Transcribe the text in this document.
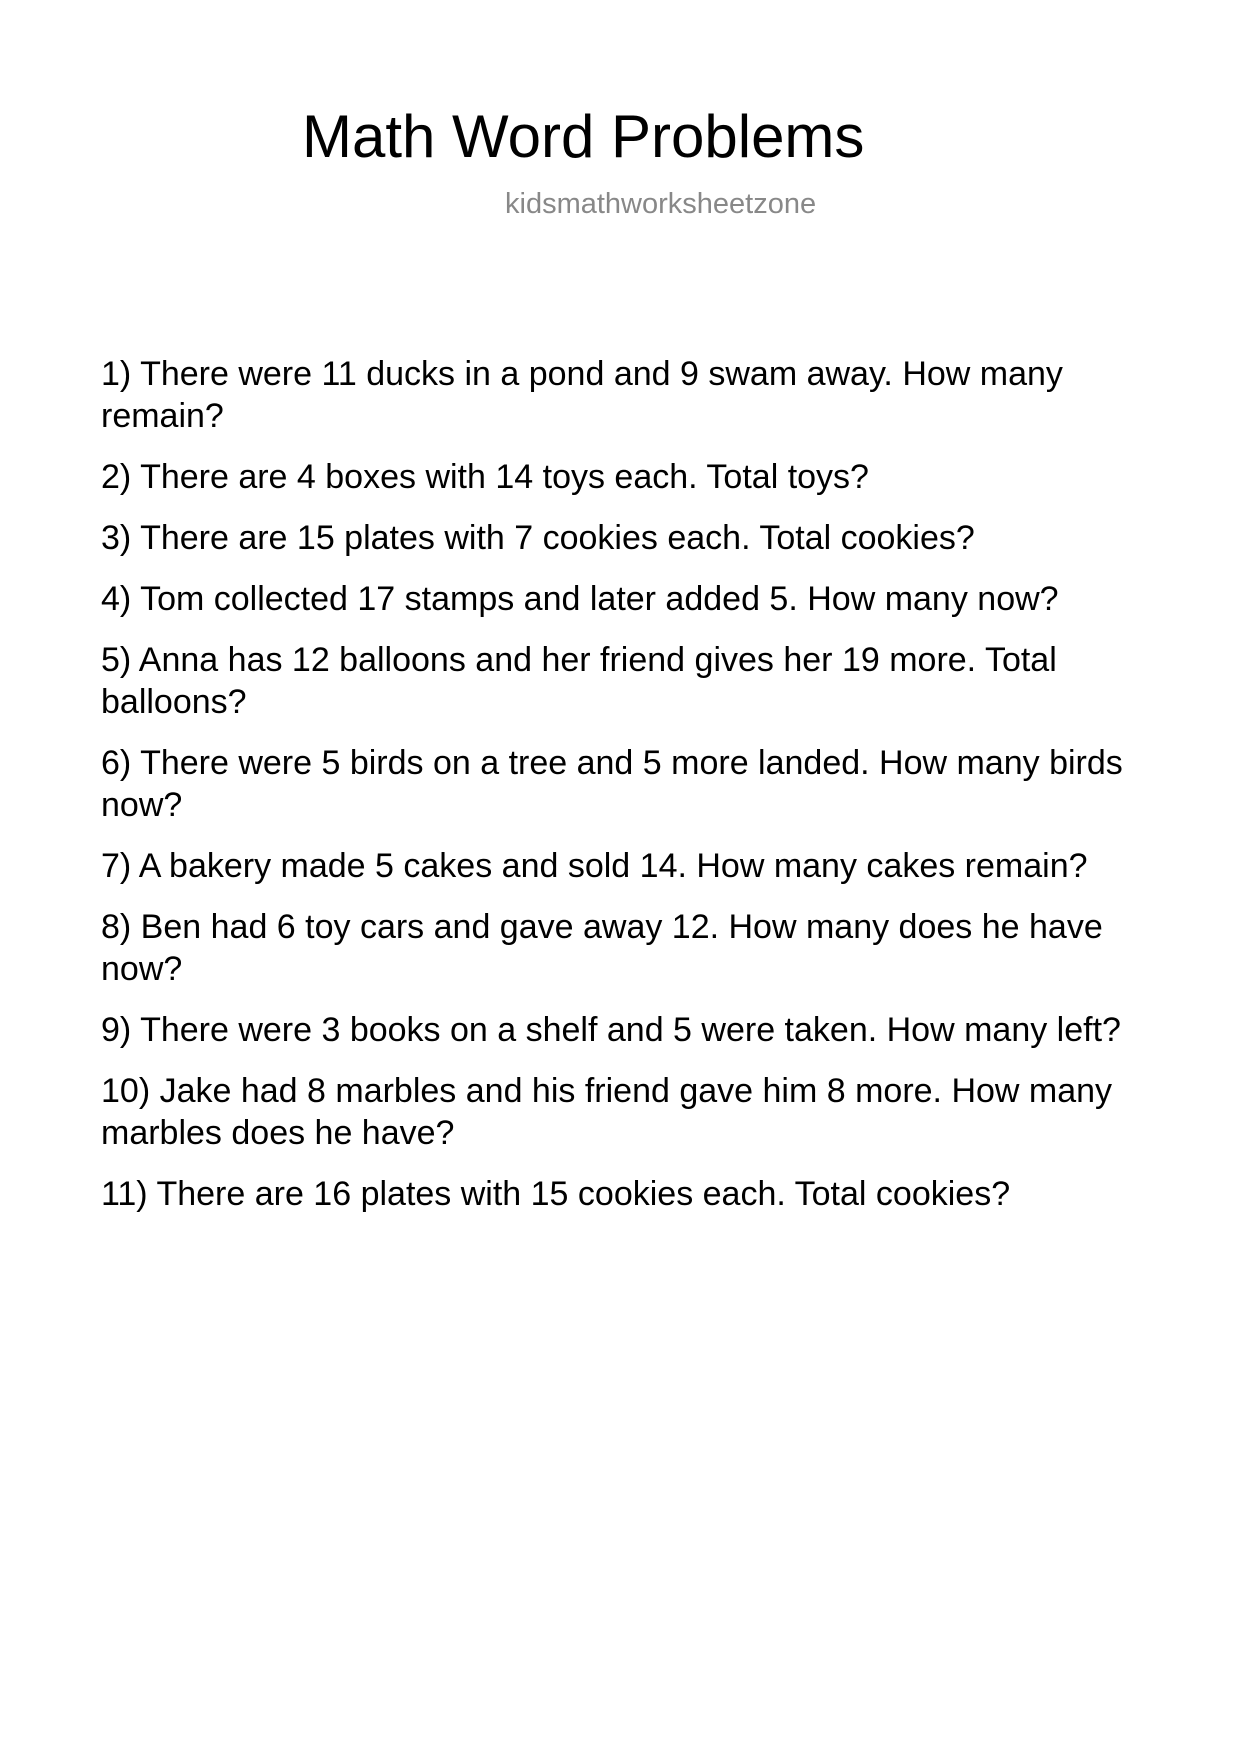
Math Word Problems
kidsmathworksheetzone

1) There were 11 ducks in a pond and 9 swam away. How many remain?

2) There are 4 boxes with 14 toys each. Total toys?

3) There are 15 plates with 7 cookies each. Total cookies?

4) Tom collected 17 stamps and later added 5. How many now?

5) Anna has 12 balloons and her friend gives her 19 more. Total balloons?

6) There were 5 birds on a tree and 5 more landed. How many birds now?

7) A bakery made 5 cakes and sold 14. How many cakes remain?

8) Ben had 6 toy cars and gave away 12. How many does he have now?

9) There were 3 books on a shelf and 5 were taken. How many left?

10) Jake had 8 marbles and his friend gave him 8 more. How many marbles does he have?

11) There are 16 plates with 15 cookies each. Total cookies?
